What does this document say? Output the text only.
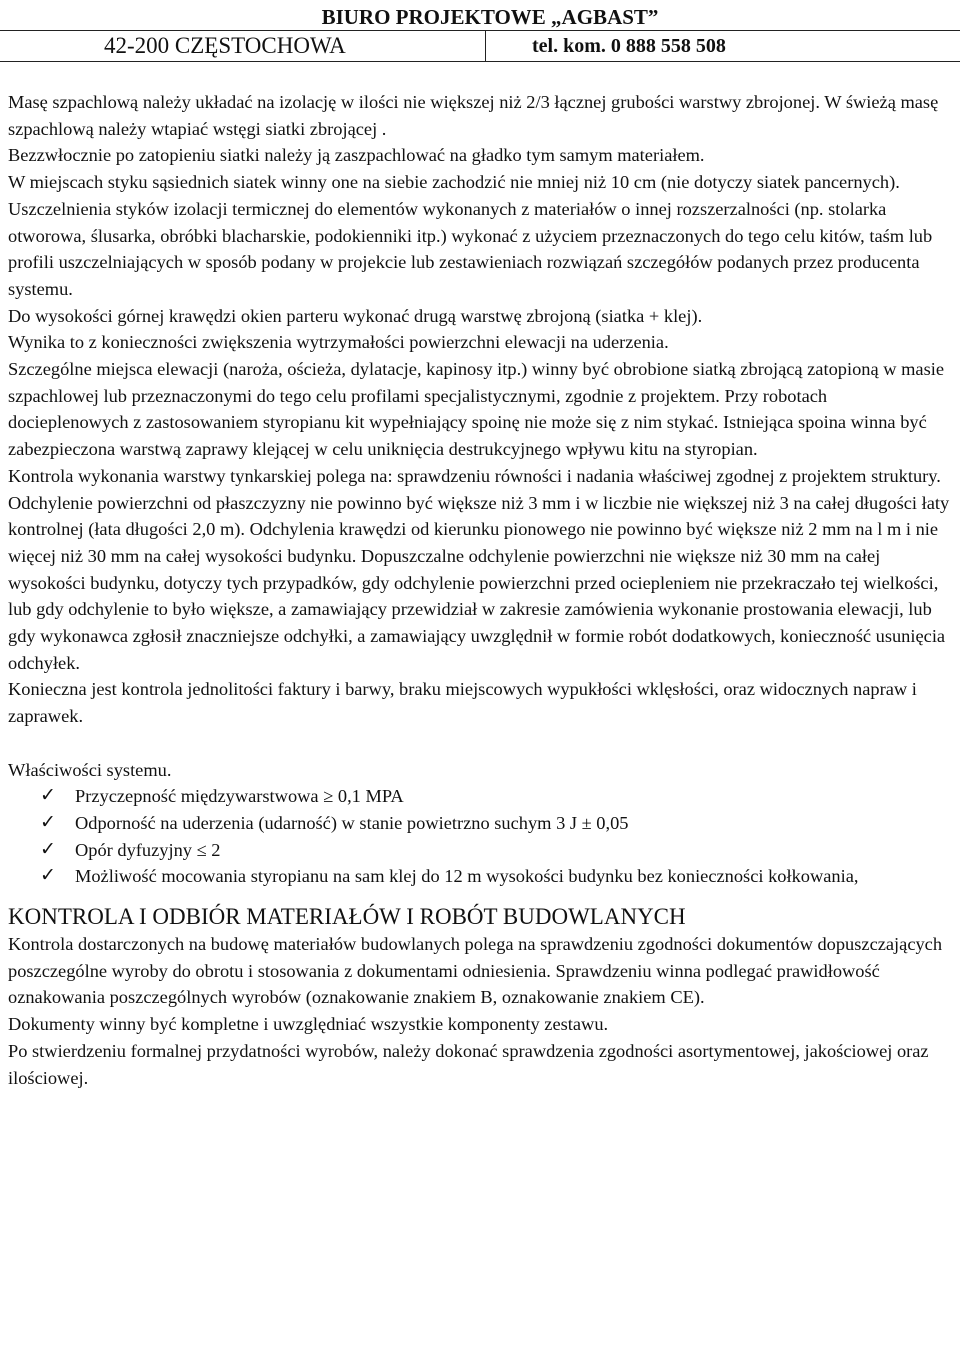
BIURO PROJEKTOWE „AGBAST”
42-200 CZĘSTOCHOWA	tel. kom. 0 888 558 508

Masę szpachlową należy układać na izolację w ilości nie większej niż 2/3 łącznej grubości warstwy zbrojonej. W świeżą masę szpachlową należy wtapiać wstęgi siatki zbrojącej .

Bezzwłocznie po zatopieniu siatki należy ją zaszpachlować na gładko tym samym materiałem.

W miejscach styku sąsiednich siatek winny one na siebie zachodzić nie mniej niż 10 cm (nie dotyczy siatek pancernych).

Uszczelnienia styków izolacji termicznej do elementów wykonanych z materiałów o innej rozszerzalności (np. stolarka otworowa, ślusarka, obróbki blacharskie, podokienniki itp.) wykonać z użyciem przeznaczonych do tego celu kitów, taśm lub profili uszczelniających w sposób podany w projekcie lub zestawieniach rozwiązań szczegółów podanych przez producenta systemu.

Do wysokości górnej krawędzi okien parteru wykonać drugą warstwę zbrojoną (siatka + klej).

Wynika to z konieczności zwiększenia wytrzymałości powierzchni elewacji na uderzenia.

Szczególne miejsca elewacji (naroża, ościeża, dylatacje, kapinosy itp.) winny być obrobione siatką zbrojącą zatopioną w masie szpachlowej lub przeznaczonymi do tego celu profilami specjalistycznymi, zgodnie z projektem. Przy robotach docieplenowych z zastosowaniem styropianu kit wypełniający spoinę nie może się z nim stykać. Istniejąca spoina winna być zabezpieczona warstwą zaprawy klejącej w celu uniknięcia destrukcyjnego wpływu kitu na styropian.

Kontrola wykonania warstwy tynkarskiej polega na: sprawdzeniu równości i nadania właściwej zgodnej z projektem struktury. Odchylenie powierzchni od płaszczyzny nie powinno być większe niż 3 mm i w liczbie nie większej niż 3 na całej długości łaty kontrolnej (łata długości 2,0 m). Odchylenia krawędzi od kierunku pionowego nie powinno być większe niż 2 mm na l m i nie więcej niż 30 mm na całej wysokości budynku. Dopuszczalne odchylenie powierzchni nie większe niż 30 mm na całej wysokości budynku, dotyczy tych przypadków, gdy odchylenie powierzchni przed ociepleniem nie przekraczało tej wielkości, lub gdy odchylenie to było większe, a zamawiający przewidział w zakresie zamówienia wykonanie prostowania elewacji, lub gdy wykonawca zgłosił znaczniejsze odchyłki, a zamawiający uwzględnił w formie robót dodatkowych, konieczność usunięcia odchyłek.

Konieczna jest kontrola jednolitości faktury i barwy, braku miejscowych wypukłości wklęsłości, oraz widocznych napraw i zaprawek.

Właściwości systemu.

✓ Przyczepność międzywarstwowa ≥ 0,1 MPA
✓ Odporność na uderzenia (udarność) w stanie powietrzno suchym 3 J ± 0,05
✓ Opór dyfuzyjny ≤ 2
✓ Możliwość mocowania styropianu na sam klej do 12 m wysokości budynku bez konieczności kołkowania,
KONTROLA I ODBIÓR MATERIAŁÓW I ROBÓT BUDOWLANYCH

Kontrola dostarczonych na budowę materiałów budowlanych polega na sprawdzeniu zgodności dokumentów dopuszczających poszczególne wyroby do obrotu i stosowania z dokumentami odniesienia. Sprawdzeniu winna podlegać prawidłowość oznakowania poszczególnych wyrobów (oznakowanie znakiem B, oznakowanie znakiem CE).

Dokumenty winny być kompletne i uwzględniać wszystkie komponenty zestawu.

Po stwierdzeniu formalnej przydatności wyrobów, należy dokonać sprawdzenia zgodności asortymentowej, jakościowej oraz ilościowej.
